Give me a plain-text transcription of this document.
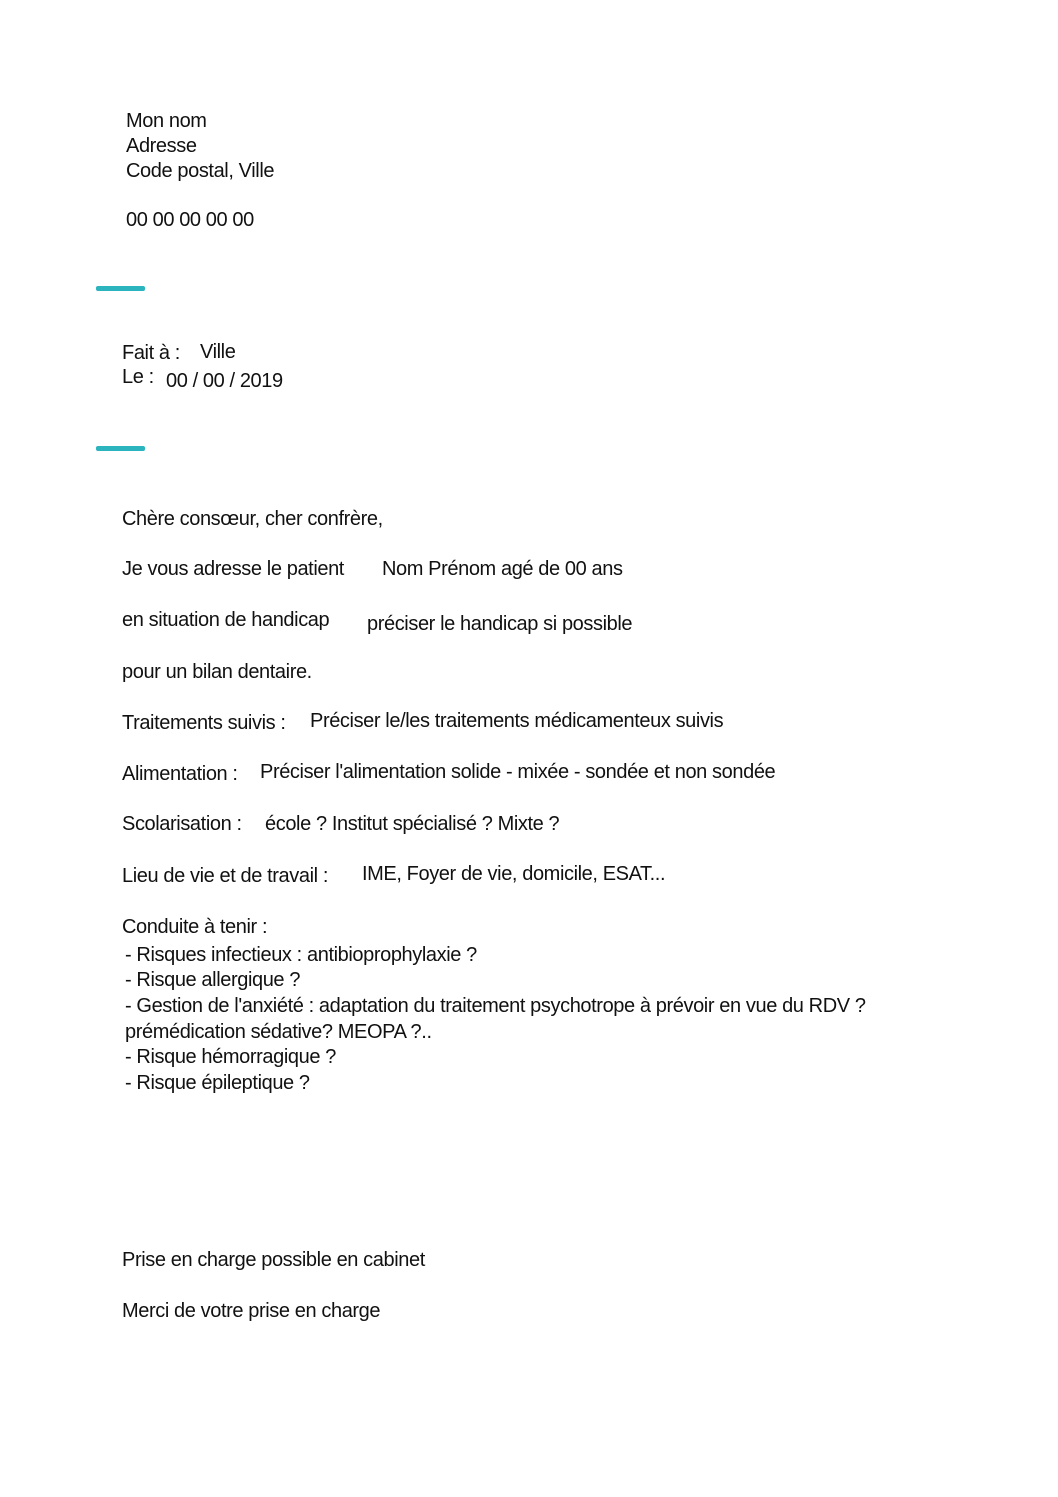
Mon nom
Adresse
Code postal, Ville
00 00 00 00 00
Fait à : Ville
Le : 00 / 00 / 2019
Chère consœur, cher confrère,
Je vous adresse le patient Nom Prénom agé de 00 ans
en situation de handicap préciser le handicap si possible
pour un bilan dentaire.
Traitements suivis : Préciser le/les traitements médicamenteux suivis
Alimentation : Préciser l'alimentation solide - mixée - sondée et non sondée
Scolarisation : école ? Institut spécialisé ? Mixte ?
Lieu de vie et de travail : IME, Foyer de vie, domicile, ESAT...
Conduite à tenir :
- Risques infectieux : antibioprophylaxie ?
- Risque allergique ?
- Gestion de l'anxiété : adaptation du traitement psychotrope à prévoir en vue du RDV ?
prémédication sédative? MEOPA ?..
- Risque hémorragique ?
- Risque épileptique ?
Prise en charge possible en cabinet
Merci de votre prise en charge
